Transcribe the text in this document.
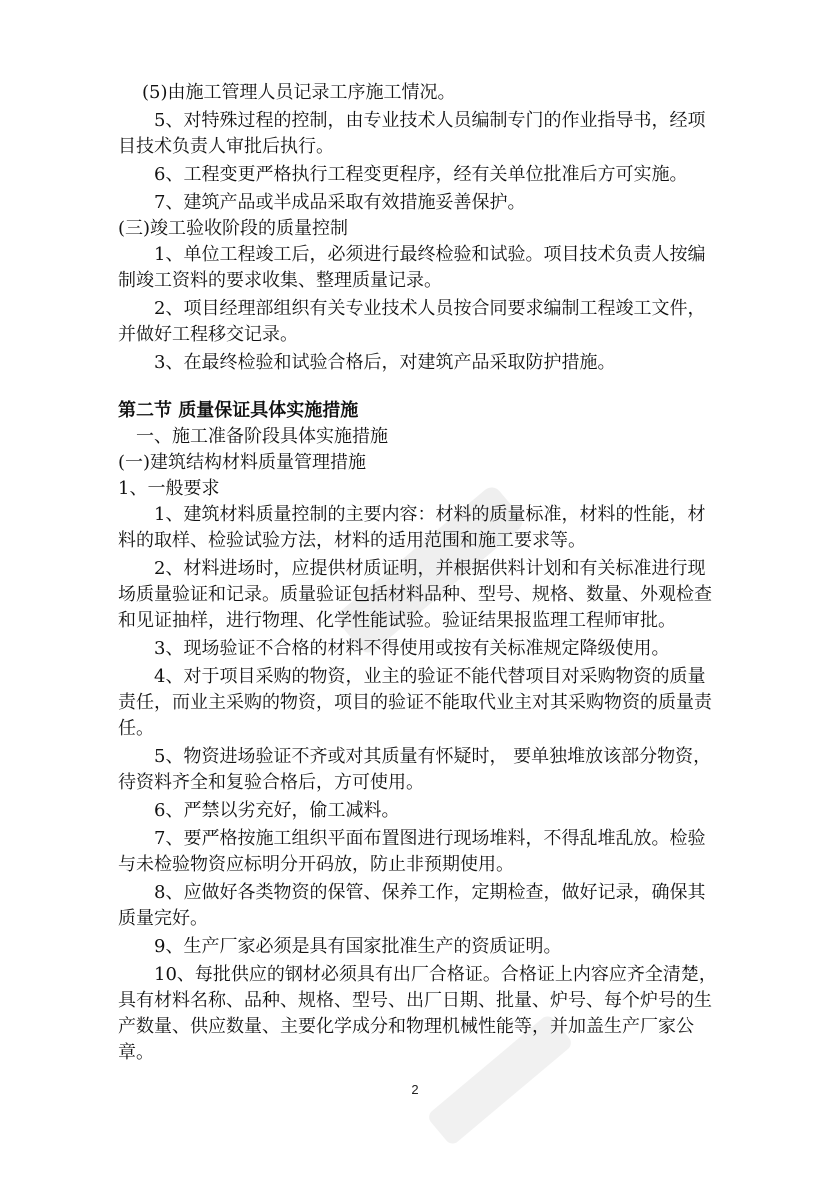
(5)由施工管理人员记录工序施工情况。

5、对特殊过程的控制，由专业技术人员编制专门的作业指导书，经项目技术负责人审批后执行。

6、工程变更严格执行工程变更程序，经有关单位批准后方可实施。

7、建筑产品或半成品采取有效措施妥善保护。

(三)竣工验收阶段的质量控制

1、单位工程竣工后，必须进行最终检验和试验。项目技术负责人按编制竣工资料的要求收集、整理质量记录。

2、项目经理部组织有关专业技术人员按合同要求编制工程竣工文件，并做好工程移交记录。

3、在最终检验和试验合格后，对建筑产品采取防护措施。

第二节 质量保证具体实施措施

一、施工准备阶段具体实施措施

(一)建筑结构材料质量管理措施

1、一般要求

1、建筑材料质量控制的主要内容：材料的质量标准，材料的性能，材料的取样、检验试验方法，材料的适用范围和施工要求等。

2、材料进场时，应提供材质证明，并根据供料计划和有关标准进行现场质量验证和记录。质量验证包括材料品种、型号、规格、数量、外观检查和见证抽样，进行物理、化学性能试验。验证结果报监理工程师审批。

3、现场验证不合格的材料不得使用或按有关标准规定降级使用。

4、对于项目采购的物资，业主的验证不能代替项目对采购物资的质量责任，而业主采购的物资，项目的验证不能取代业主对其采购物资的质量责任。

5、物资进场验证不齐或对其质量有怀疑时， 要单独堆放该部分物资，待资料齐全和复验合格后，方可使用。

6、严禁以劣充好，偷工减料。

7、要严格按施工组织平面布置图进行现场堆料，不得乱堆乱放。检验与未检验物资应标明分开码放，防止非预期使用。

8、应做好各类物资的保管、保养工作，定期检查，做好记录，确保其质量完好。

9、生产厂家必须是具有国家批准生产的资质证明。

10、每批供应的钢材必须具有出厂合格证。合格证上内容应齐全清楚，具有材料名称、品种、规格、型号、出厂日期、批量、炉号、每个炉号的生产数量、供应数量、主要化学成分和物理机械性能等，并加盖生产厂家公章。

2
